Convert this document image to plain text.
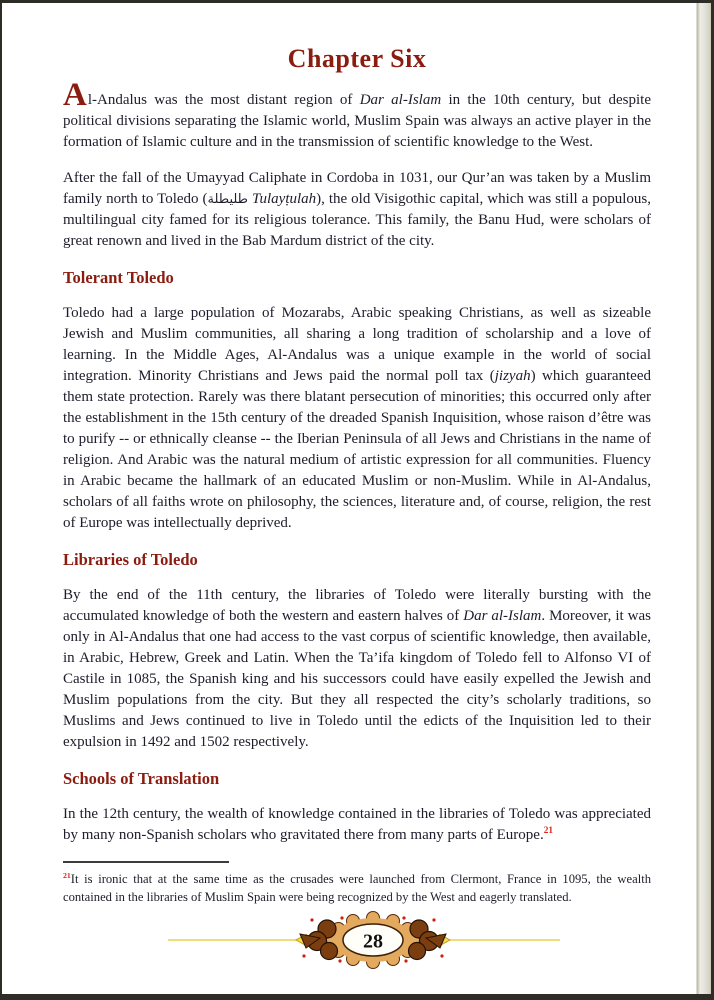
Chapter Six

Al-Andalus was the most distant region of Dar al-Islam in the 10th century, but despite political divisions separating the Islamic world, Muslim Spain was always an active player in the formation of Islamic culture and in the transmission of scientific knowledge to the West.

After the fall of the Umayyad Caliphate in Cordoba in 1031, our Qur’an was taken by a Muslim family north to Toledo (طليطلة Tulayṭulah), the old Visigothic capital, which was still a populous, multilingual city famed for its religious tolerance. This family, the Banu Hud, were scholars of great renown and lived in the Bab Mardum district of the city.

Tolerant Toledo

Toledo had a large population of Mozarabs, Arabic speaking Christians, as well as sizeable Jewish and Muslim communities, all sharing a long tradition of scholarship and a love of learning. In the Middle Ages, Al-Andalus was a unique example in the world of social integration. Minority Christians and Jews paid the normal poll tax (jizyah) which guaranteed them state protection. Rarely was there blatant persecution of minorities; this occurred only after the establishment in the 15th century of the dreaded Spanish Inquisition, whose raison d’être was to purify -- or ethnically cleanse -- the Iberian Peninsula of all Jews and Christians in the name of religion. And Arabic was the natural medium of artistic expression for all communities. Fluency in Arabic became the hallmark of an educated Muslim or non-Muslim. While in Al-Andalus, scholars of all faiths wrote on philosophy, the sciences, literature and, of course, religion, the rest of Europe was intellectually deprived.

Libraries of Toledo

By the end of the 11th century, the libraries of Toledo were literally bursting with the accumulated knowledge of both the western and eastern halves of Dar al-Islam. Moreover, it was only in Al-Andalus that one had access to the vast corpus of scientific knowledge, then available, in Arabic, Hebrew, Greek and Latin. When the Ta’ifa kingdom of Toledo fell to Alfonso VI of Castile in 1085, the Spanish king and his successors could have easily expelled the Jewish and Muslim populations from the city. But they all respected the city’s scholarly traditions, so Muslims and Jews continued to live in Toledo until the edicts of the Inquisition led to their expulsion in 1492 and 1502 respectively.

Schools of Translation

In the 12th century, the wealth of knowledge contained in the libraries of Toledo was appreciated by many non-Spanish scholars who gravitated there from many parts of Europe.$^{21}$

$^{21}$It is ironic that at the same time as the crusades were launched from Clermont, France in 1095, the wealth contained in the libraries of Muslim Spain were being recognized by the West and eagerly translated.

28
